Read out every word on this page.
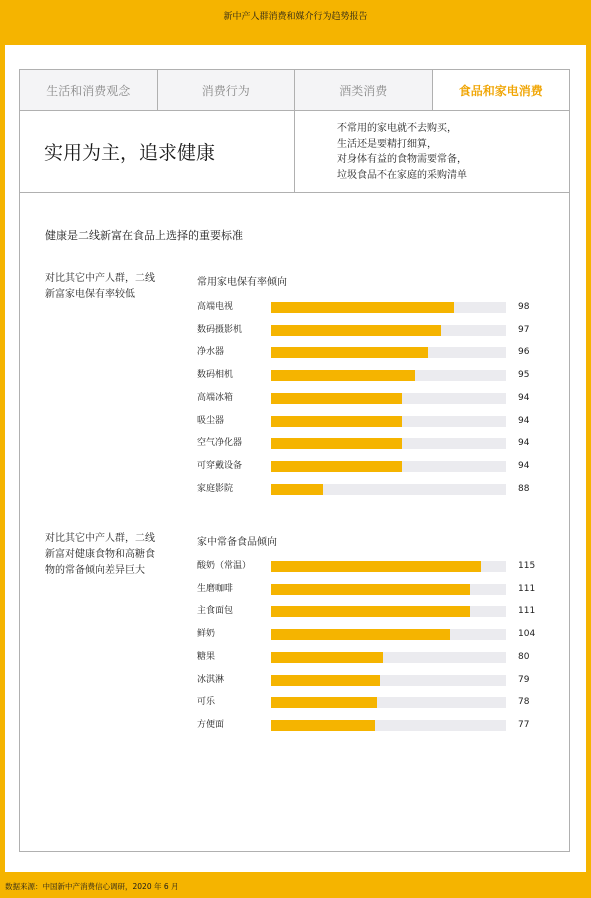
新中产人群消费和媒介行为趋势报告
生活和消费观念	消费行为	酒类消费	食品和家电消费
实用为主，追求健康
不常用的家电就不去购买，
生活还是要精打细算，
对身体有益的食物需要常备，
垃圾食品不在家庭的采购清单
健康是二线新富在食品上选择的重要标准
对比其它中产人群，二线
新富家电保有率较低
常用家电保有率倾向
高端电视	98
数码摄影机	97
净水器	96
数码相机	95
高端冰箱	94
吸尘器	94
空气净化器	94
可穿戴设备	94
家庭影院	88
对比其它中产人群，二线
新富对健康食物和高糖食
物的常备倾向差异巨大
家中常备食品倾向
酸奶（常温）	115
生磨咖啡	111
主食面包	111
鲜奶	104
糖果	80
冰淇淋	79
可乐	78
方便面	77
数据来源：中国新中产消费信心调研，2020 年 6 月
